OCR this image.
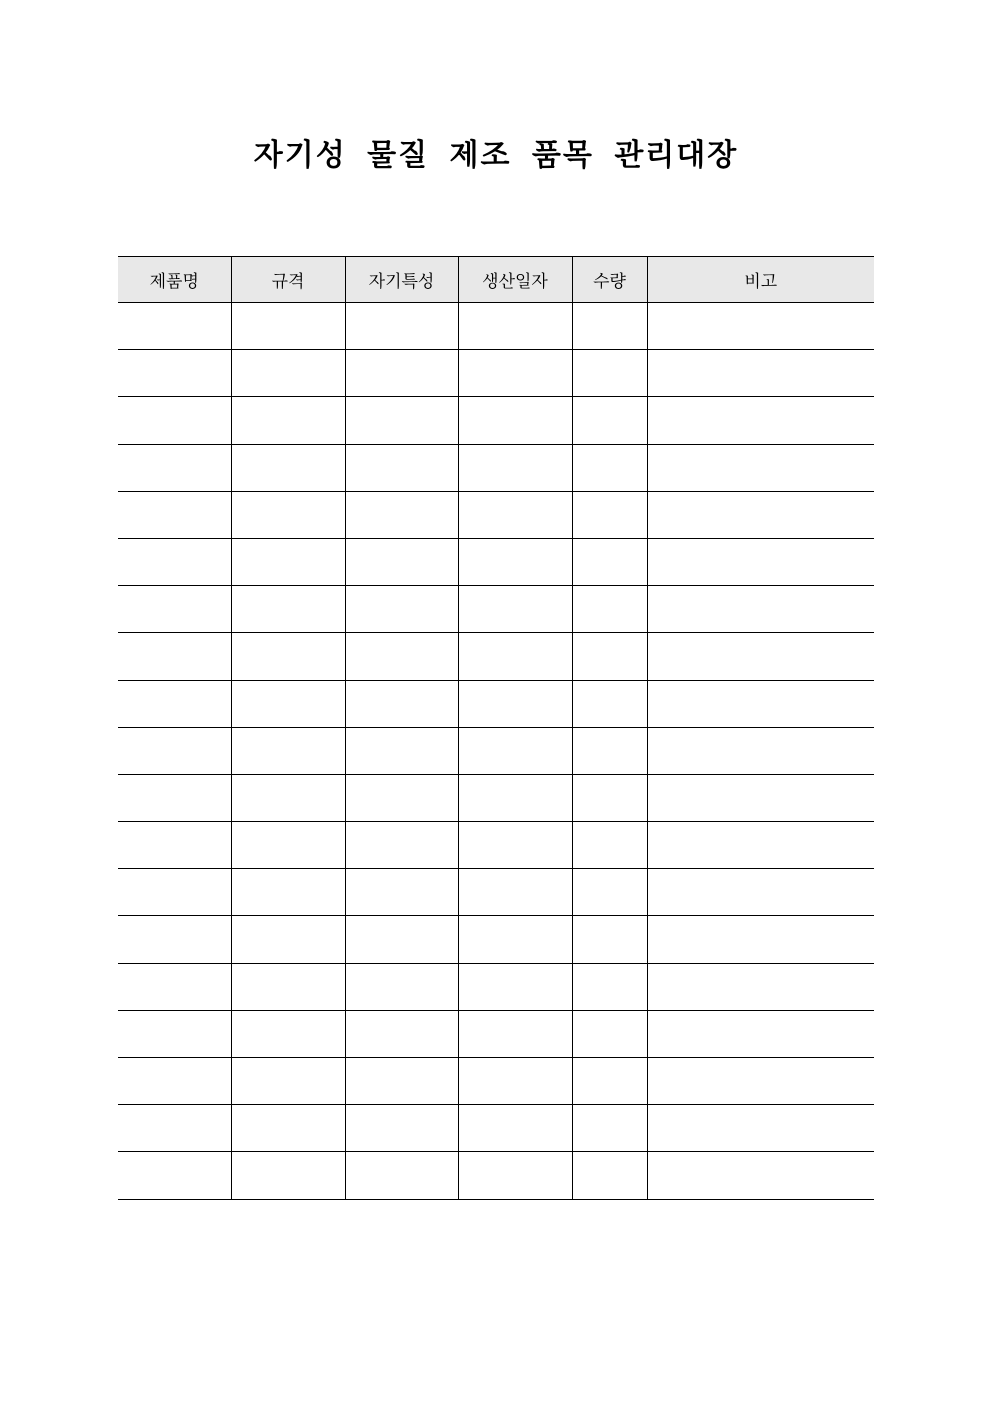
자기성 물질 제조 품목 관리대장
제품명	규격	자기특성	생산일자	수량	비고
